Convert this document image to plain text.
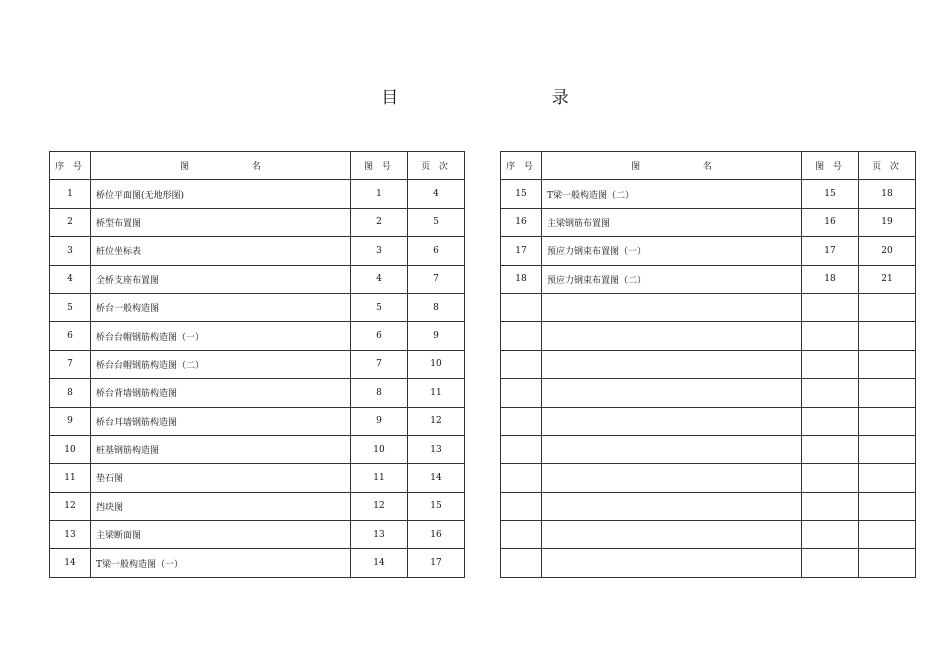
目 录
序 号	图 名	图 号	页 次
1	桥位平面图(无地形图)	1	4
2	桥型布置图	2	5
3	桩位坐标表	3	6
4	全桥支座布置图	4	7
5	桥台一般构造图	5	8
6	桥台台帽钢筋构造图（一）	6	9
7	桥台台帽钢筋构造图（二）	7	10
8	桥台背墙钢筋构造图	8	11
9	桥台耳墙钢筋构造图	9	12
10	桩基钢筋构造图	10	13
11	垫石图	11	14
12	挡块图	12	15
13	主梁断面图	13	16
14	T梁一般构造图（一）	14	17
序 号	图 名	图 号	页 次
15	T梁一般构造图（二）	15	18
16	主梁钢筋布置图	16	19
17	预应力钢束布置图（一）	17	20
18	预应力钢束布置图（二）	18	21
